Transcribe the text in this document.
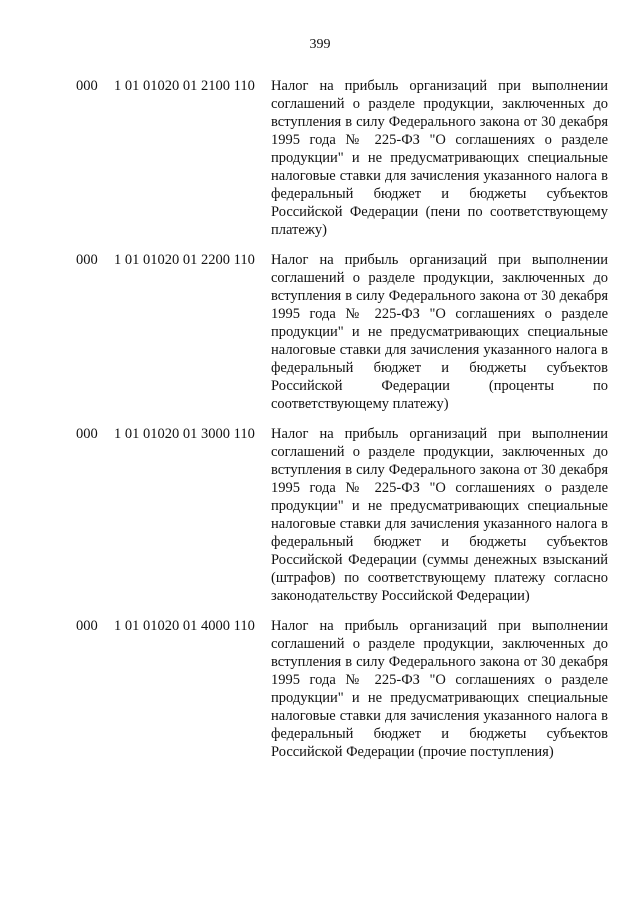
399
000 1 01 01020 01 2100 110 Налог на прибыль организаций при выполнении соглашений о разделе продукции, заключенных до вступления в силу Федерального закона от 30 декабря 1995 года № 225-ФЗ "О соглашениях о разделе продукции" и не предусматривающих специальные налоговые ставки для зачисления указанного налога в федеральный бюджет и бюджеты субъектов Российской Федерации (пени по соответствующему платежу)
000 1 01 01020 01 2200 110 Налог на прибыль организаций при выполнении соглашений о разделе продукции, заключенных до вступления в силу Федерального закона от 30 декабря 1995 года № 225-ФЗ "О соглашениях о разделе продукции" и не предусматривающих специальные налоговые ставки для зачисления указанного налога в федеральный бюджет и бюджеты субъектов Российской Федерации (проценты по соответствующему платежу)
000 1 01 01020 01 3000 110 Налог на прибыль организаций при выполнении соглашений о разделе продукции, заключенных до вступления в силу Федерального закона от 30 декабря 1995 года № 225-ФЗ "О соглашениях о разделе продукции" и не предусматривающих специальные налоговые ставки для зачисления указанного налога в федеральный бюджет и бюджеты субъектов Российской Федерации (суммы денежных взысканий (штрафов) по соответствующему платежу согласно законодательству Российской Федерации)
000 1 01 01020 01 4000 110 Налог на прибыль организаций при выполнении соглашений о разделе продукции, заключенных до вступления в силу Федерального закона от 30 декабря 1995 года № 225-ФЗ "О соглашениях о разделе продукции" и не предусматривающих специальные налоговые ставки для зачисления указанного налога в федеральный бюджет и бюджеты субъектов Российской Федерации (прочие поступления)
